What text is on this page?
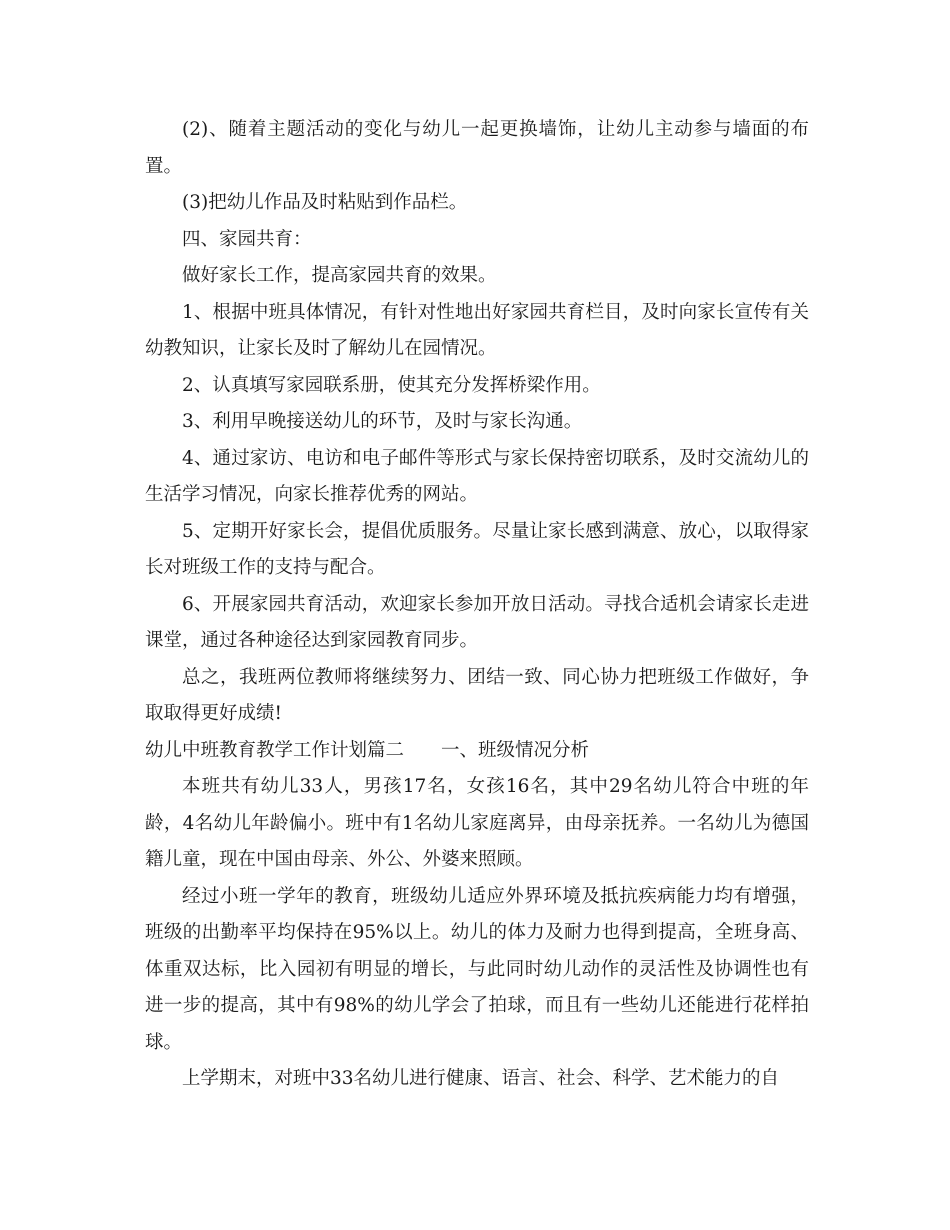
(2)、随着主题活动的变化与幼儿一起更换墙饰，让幼儿主动参与墙面的布置。

(3)把幼儿作品及时粘贴到作品栏。

四、家园共育：

做好家长工作，提高家园共育的效果。

1、根据中班具体情况，有针对性地出好家园共育栏目，及时向家长宣传有关幼教知识，让家长及时了解幼儿在园情况。

2、认真填写家园联系册，使其充分发挥桥梁作用。

3、利用早晚接送幼儿的环节，及时与家长沟通。

4、通过家访、电访和电子邮件等形式与家长保持密切联系，及时交流幼儿的生活学习情况，向家长推荐优秀的网站。

5、定期开好家长会，提倡优质服务。尽量让家长感到满意、放心，以取得家长对班级工作的支持与配合。

6、开展家园共育活动，欢迎家长参加开放日活动。寻找合适机会请家长走进课堂，通过各种途径达到家园教育同步。

总之，我班两位教师将继续努力、团结一致、同心协力把班级工作做好，争取取得更好成绩!

幼儿中班教育教学工作计划篇二　　一、班级情况分析

本班共有幼儿33人，男孩17名，女孩16名，其中29名幼儿符合中班的年龄，4名幼儿年龄偏小。班中有1名幼儿家庭离异，由母亲抚养。一名幼儿为德国籍儿童，现在中国由母亲、外公、外婆来照顾。

经过小班一学年的教育，班级幼儿适应外界环境及抵抗疾病能力均有增强，班级的出勤率平均保持在95%以上。幼儿的体力及耐力也得到提高，全班身高、体重双达标，比入园初有明显的增长，与此同时幼儿动作的灵活性及协调性也有进一步的提高，其中有98%的幼儿学会了拍球，而且有一些幼儿还能进行花样拍球。

上学期末，对班中33名幼儿进行健康、语言、社会、科学、艺术能力的自
